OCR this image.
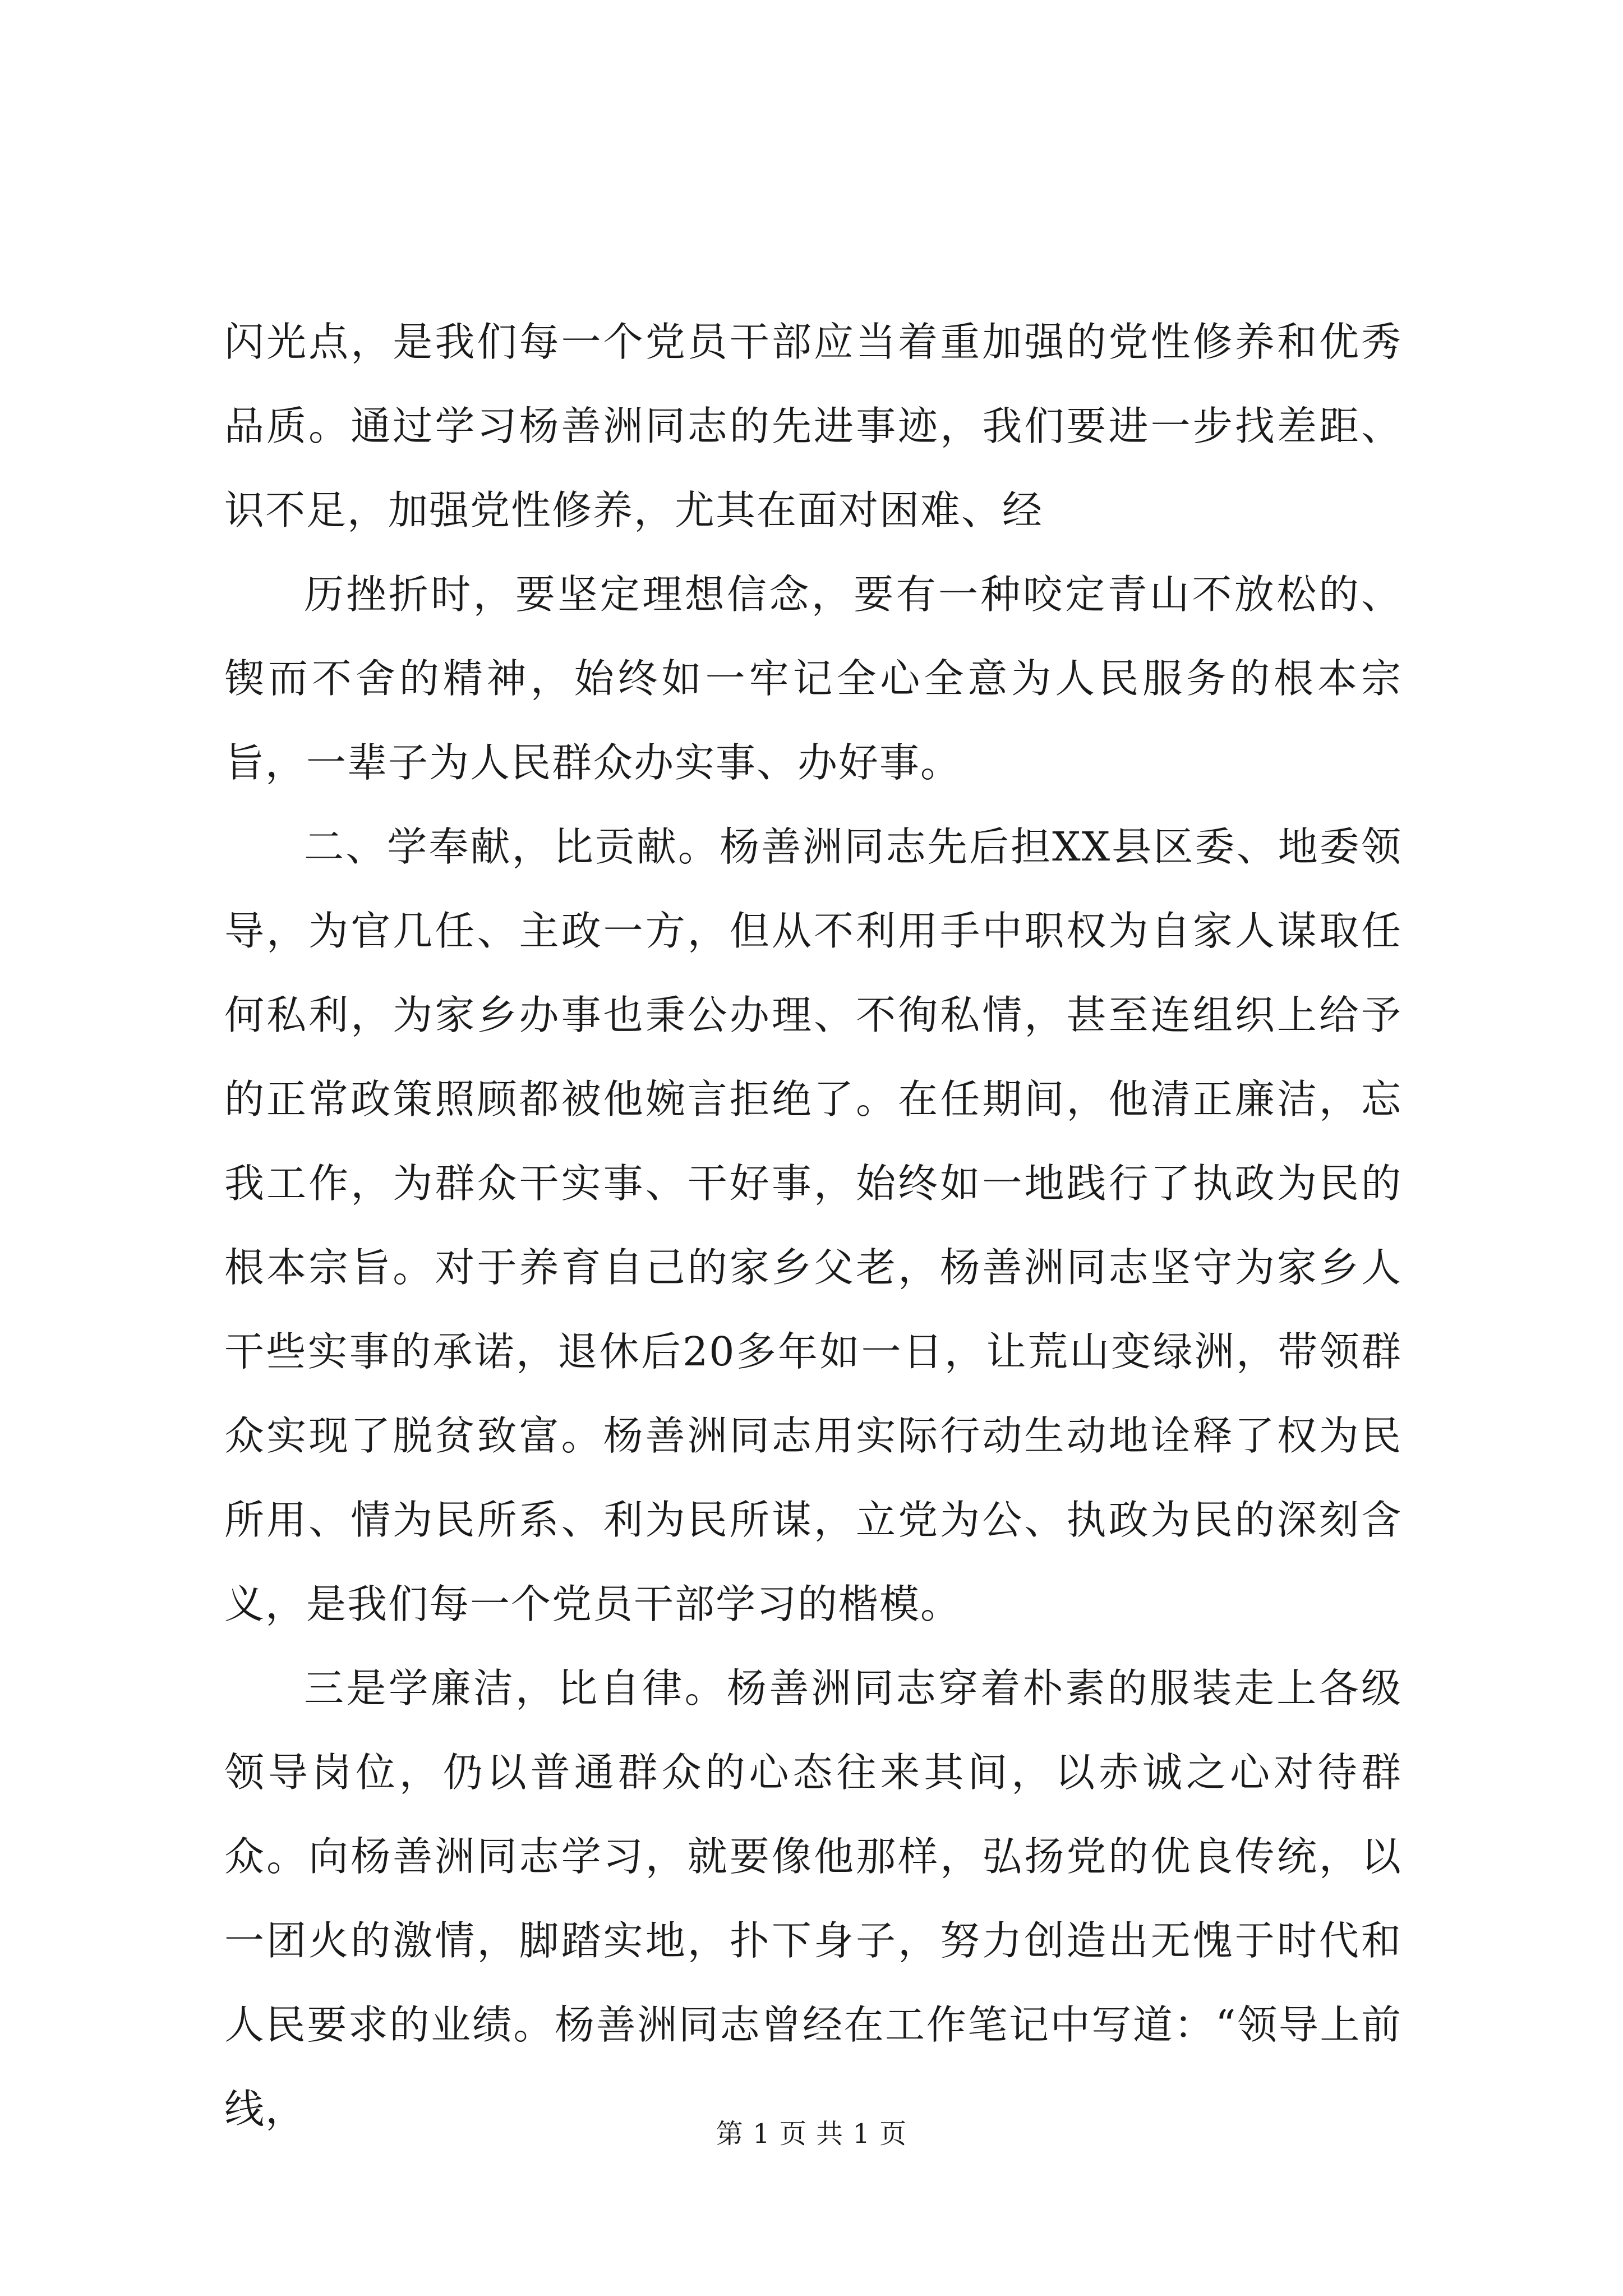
闪光点，是我们每一个党员干部应当着重加强的党性修养和优秀品质。通过学习杨善洲同志的先进事迹，我们要进一步找差距、识不足，加强党性修养，尤其在面对困难、经

历挫折时，要坚定理想信念，要有一种咬定青山不放松的、锲而不舍的精神，始终如一牢记全心全意为人民服务的根本宗旨，一辈子为人民群众办实事、办好事。

二、学奉献，比贡献。杨善洲同志先后担XX县区委、地委领导，为官几任、主政一方，但从不利用手中职权为自家人谋取任何私利，为家乡办事也秉公办理、不徇私情，甚至连组织上给予的正常政策照顾都被他婉言拒绝了。在任期间，他清正廉洁，忘我工作，为群众干实事、干好事，始终如一地践行了执政为民的根本宗旨。对于养育自己的家乡父老，杨善洲同志坚守为家乡人干些实事的承诺，退休后20多年如一日，让荒山变绿洲，带领群众实现了脱贫致富。杨善洲同志用实际行动生动地诠释了权为民所用、情为民所系、利为民所谋，立党为公、执政为民的深刻含义，是我们每一个党员干部学习的楷模。

三是学廉洁，比自律。杨善洲同志穿着朴素的服装走上各级领导岗位，仍以普通群众的心态往来其间，以赤诚之心对待群众。向杨善洲同志学习，就要像他那样，弘扬党的优良传统，以一团火的激情，脚踏实地，扑下身子，努力创造出无愧于时代和人民要求的业绩。杨善洲同志曾经在工作笔记中写道：“领导上前线，

第 1 页 共 1 页
